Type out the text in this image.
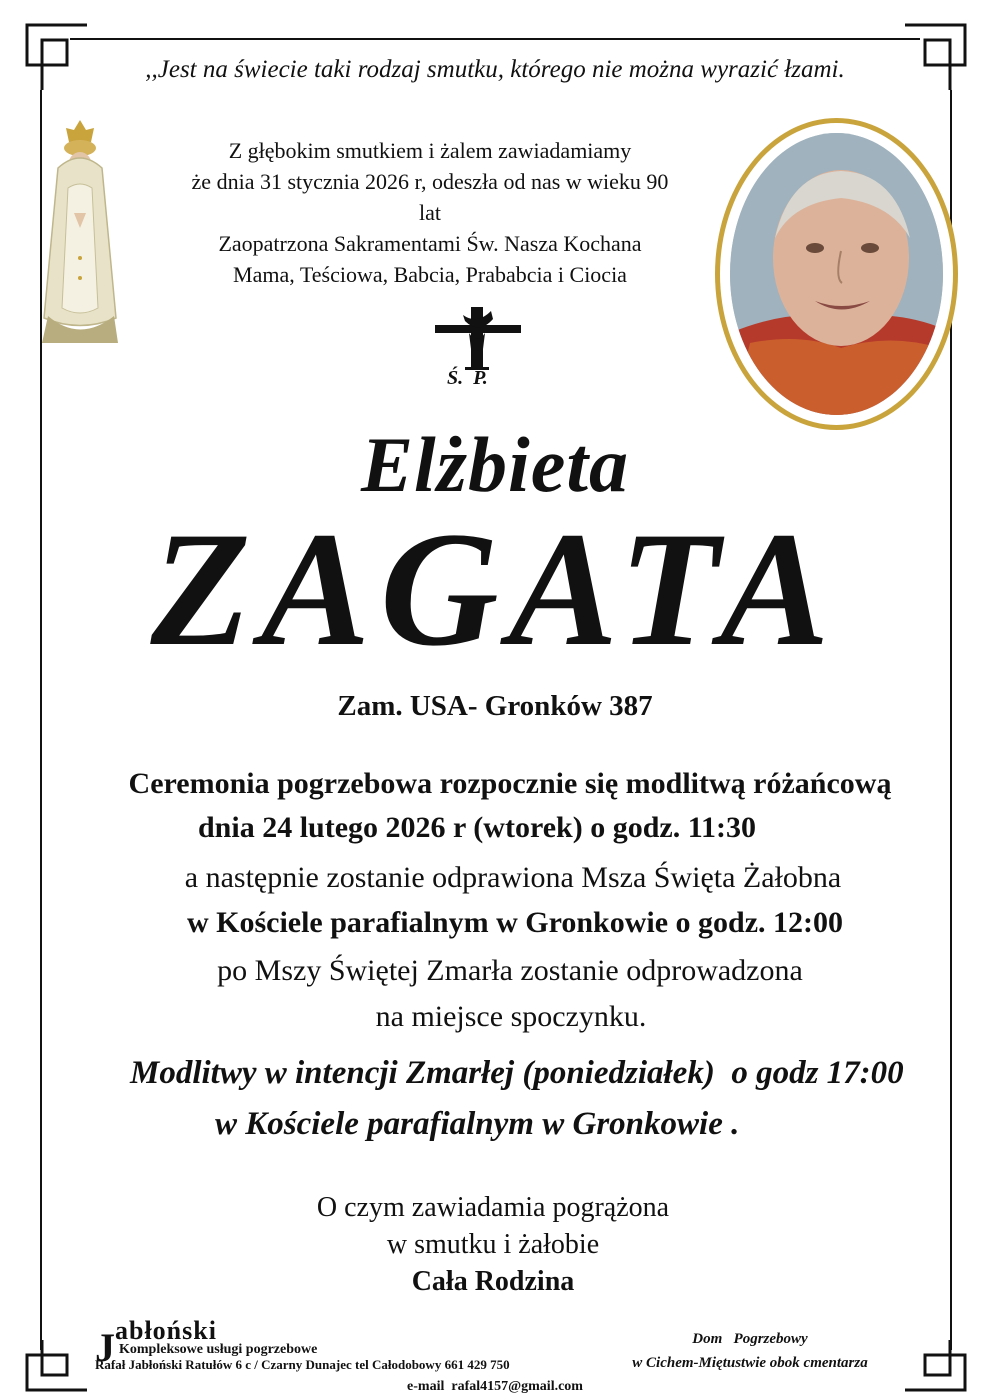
,,Jest na świecie taki rodzaj smutku, którego nie można wyrazić łzami.
Z głębokim smutkiem i żalem zawiadamiamy
że dnia 31 stycznia 2026 r, odeszła od nas w wieku 90 lat
Zaopatrzona Sakramentami Św. Nasza Kochana
Mama, Teściowa, Babcia, Prababcia i Ciocia
Ś.  P.
Elżbieta
ZAGATA
Zam. USA- Gronków 387
Ceremonia pogrzebowa rozpocznie się modlitwą różańcową
dnia 24 lutego 2026 r (wtorek) o godz. 11:30
a następnie zostanie odprawiona Msza Święta Żałobna
w Kościele parafialnym w Gronkowie o godz. 12:00
po Mszy Świętej Zmarła zostanie odprowadzona
na miejsce spoczynku.
Modlitwy w intencji Zmarłej (poniedziałek)  o godz 17:00
w Kościele parafialnym w Gronkowie .
O czym zawiadamia pogrążona
w smutku i żałobie
Cała Rodzina
J abłoński
Kompleksowe usługi pogrzebowe
Rafał Jabłoński Ratułów 6 c / Czarny Dunajec tel Całodobowy 661 429 750
Dom   Pogrzebowy
w Cichem-Miętustwie obok cmentarza
e-mail  rafal4157@gmail.com
